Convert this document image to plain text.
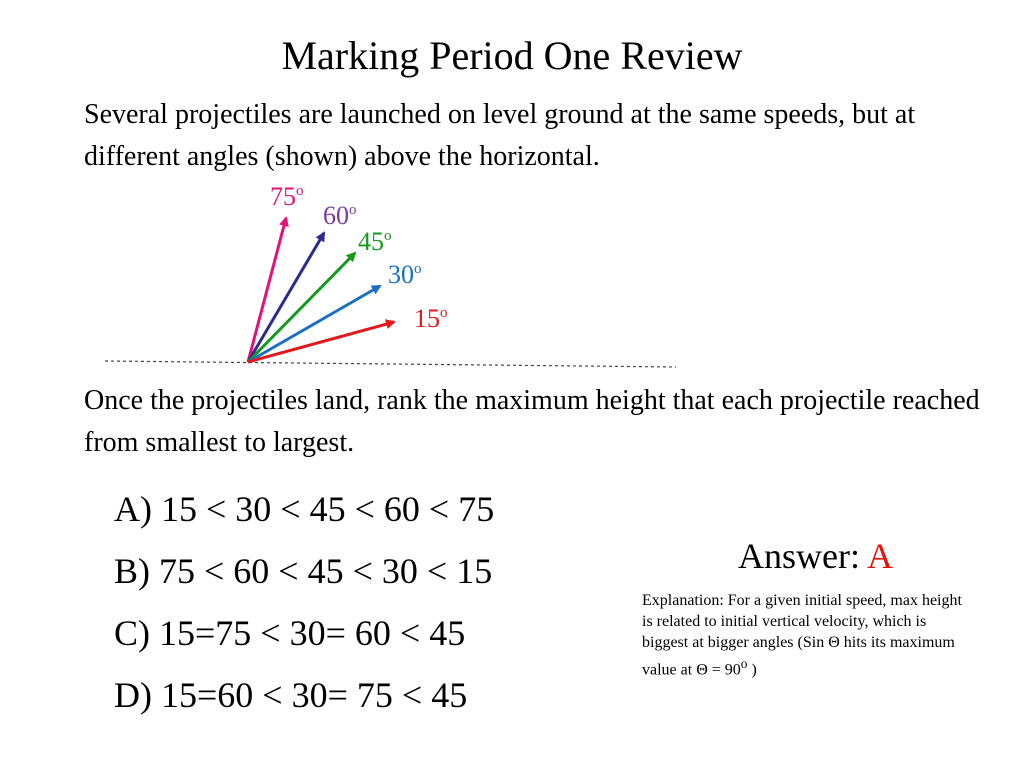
Marking Period One Review

Several projectiles are launched on level ground at the same speeds, but at different angles (shown) above the horizontal.

75$^o$
60$^o$
45$^o$
30$^o$
15$^o$

Once the projectiles land, rank the maximum height that each projectile reached from smallest to largest.

A) 15 < 30 < 45 < 60 < 75
B) 75 < 60 < 45 < 30 < 15
C) 15=75 < 30= 60 < 45
D) 15=60 < 30= 75 < 45
Answer: A

Explanation: For a given initial speed, max height is related to initial vertical velocity, which is biggest at bigger angles (Sin Θ hits its maximum value at $\Theta = 90^o$ )
